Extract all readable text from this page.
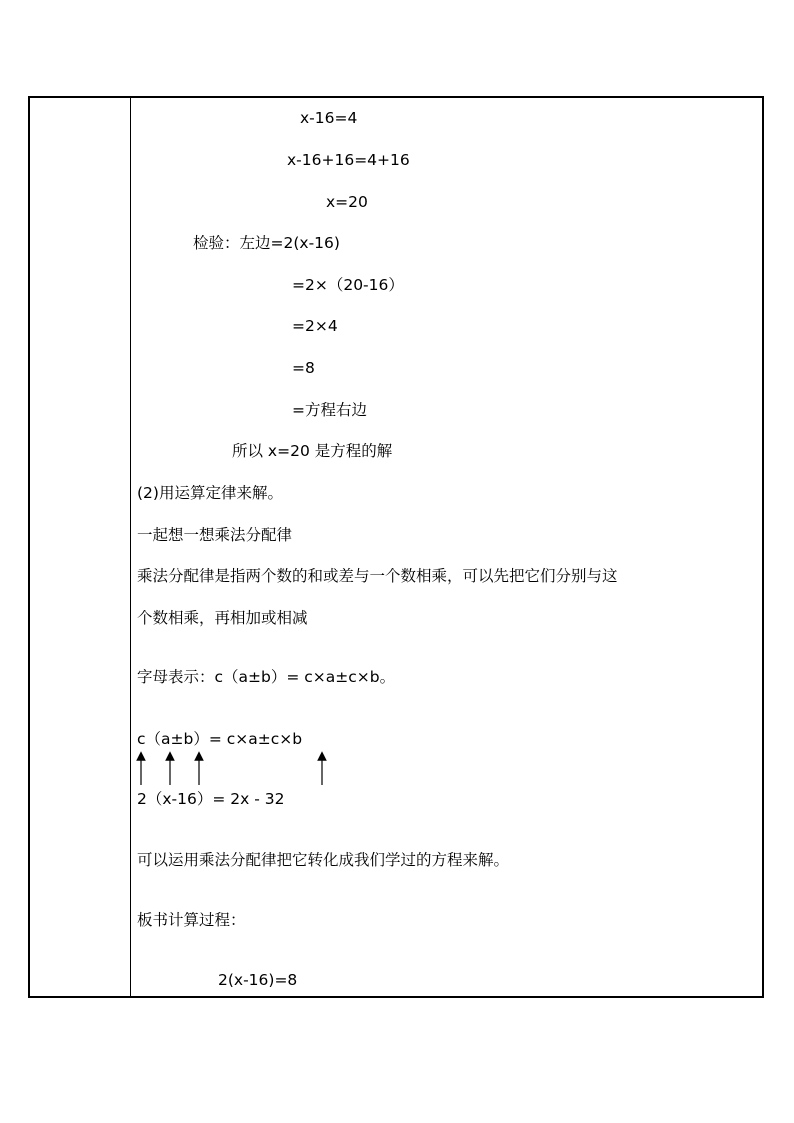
x-16=4
x-16+16=4+16
x=20
检验：左边=2(x-16)
=2×（20-16）
=2×4
=8
=方程右边
所以 x=20 是方程的解
(2)用运算定律来解。
一起想一想乘法分配律
乘法分配律是指两个数的和或差与一个数相乘，可以先把它们分别与这
个数相乘，再相加或相减
字母表示：c（a±b）= c×a±c×b。
c（a±b）= c×a±c×b
2（x-16）= 2x - 32
可以运用乘法分配律把它转化成我们学过的方程来解。
板书计算过程：
2(x-16)=8
